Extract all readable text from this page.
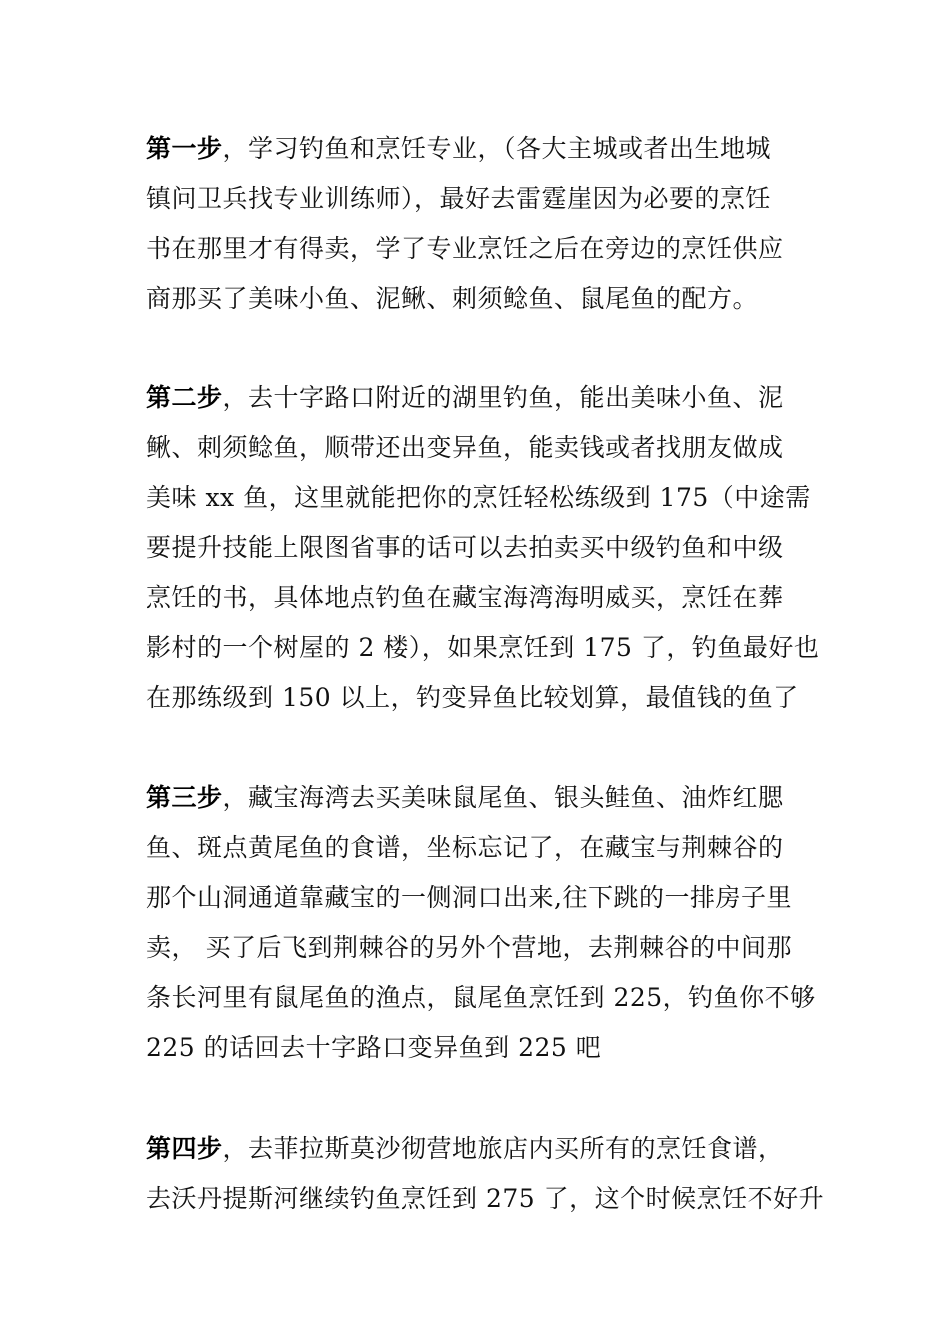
第一步，学习钓鱼和烹饪专业，（各大主城或者出生地城
镇问卫兵找专业训练师），最好去雷霆崖因为必要的烹饪
书在那里才有得卖，学了专业烹饪之后在旁边的烹饪供应
商那买了美味小鱼、泥鳅、刺须鲶鱼、鼠尾鱼的配方。
第二步，去十字路口附近的湖里钓鱼，能出美味小鱼、泥
鳅、刺须鲶鱼，顺带还出变异鱼，能卖钱或者找朋友做成
美味 xx 鱼，这里就能把你的烹饪轻松练级到 175（中途需
要提升技能上限图省事的话可以去拍卖买中级钓鱼和中级
烹饪的书，具体地点钓鱼在藏宝海湾海明威买，烹饪在葬
影村的一个树屋的 2 楼），如果烹饪到 175 了，钓鱼最好也
在那练级到 150 以上，钓变异鱼比较划算，最值钱的鱼了
第三步，藏宝海湾去买美味鼠尾鱼、银头鲑鱼、油炸红腮
鱼、斑点黄尾鱼的食谱，坐标忘记了，在藏宝与荆棘谷的
那个山洞通道靠藏宝的一侧洞口出来,往下跳的一排房子里
卖， 买了后飞到荆棘谷的另外个营地，去荆棘谷的中间那
条长河里有鼠尾鱼的渔点，鼠尾鱼烹饪到 225，钓鱼你不够
225 的话回去十字路口变异鱼到 225 吧
第四步，去菲拉斯莫沙彻营地旅店内买所有的烹饪食谱，
去沃丹提斯河继续钓鱼烹饪到 275 了，这个时候烹饪不好升
